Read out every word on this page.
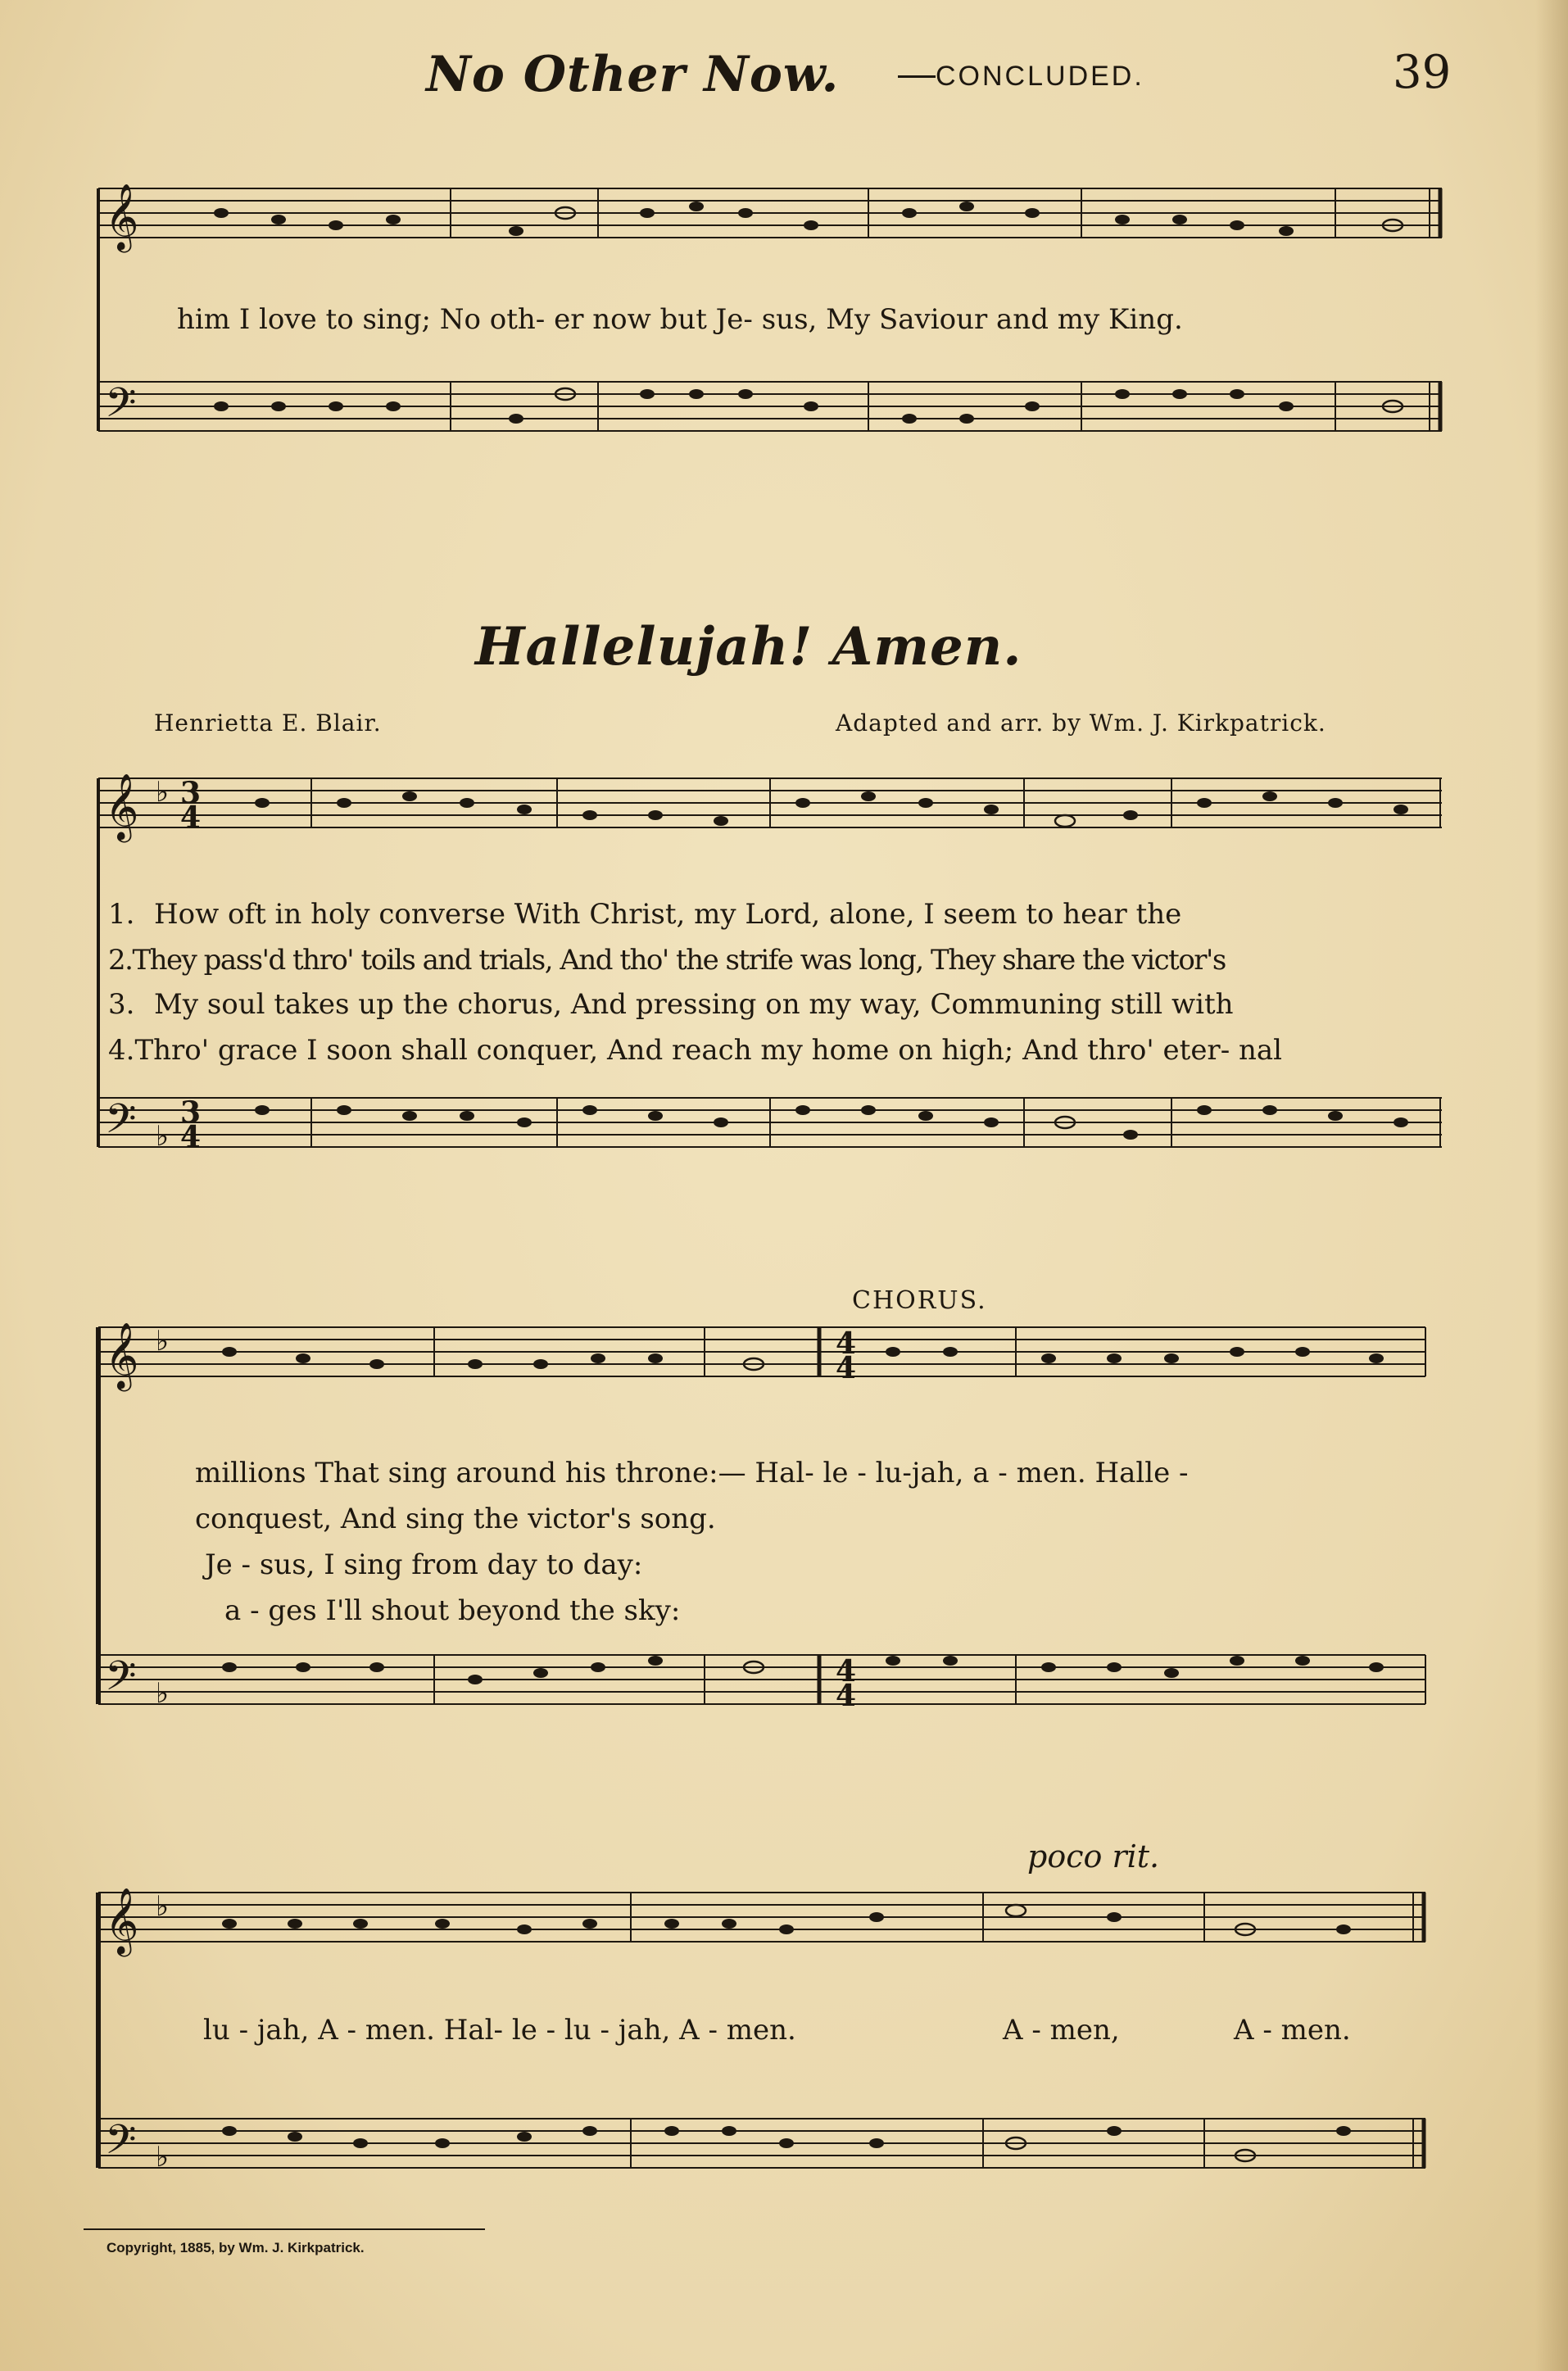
No Other Now.	CONCLUDED.	39
𝄞
𝄢
him I love to sing; No oth- er now but Je- sus, My Saviour and my King.
Hallelujah! Amen.
Henrietta E. Blair.	Adapted and arr. by Wm. J. Kirkpatrick.
𝄞 ♭ 3
4
𝄢 ♭
3
4
1. How oft in holy converse With Christ, my Lord, alone, I seem to hear the
2.They pass'd thro' toils and trials, And tho' the strife was long, They share the victor's
3. My soul takes up the chorus, And pressing on my way, Communing still with
4.Thro' grace I soon shall conquer, And reach my home on high; And thro' eter- nal
CHORUS.
𝄞 ♭
𝄢 ♭
4
4
4
4
millions That sing around his throne:— Hal- le - lu-jah, a - men. Halle -
conquest, And sing the victor's song.
Je - sus, I sing from day to day:
a - ges I'll shout beyond the sky:
poco rit.
𝄞 ♭
𝄢 ♭
lu - jah, A - men. Hal- le - lu - jah, A - men.	A - men,	A - men.
Copyright, 1885, by Wm. J. Kirkpatrick.
